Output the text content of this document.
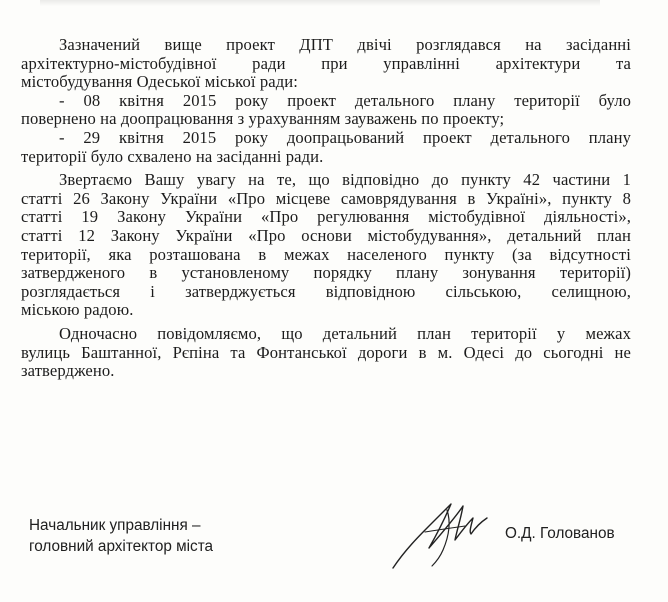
Зазначений вище проект ДПТ двічі розглядався на засіданні
архітектурно-містобудівної ради при управлінні архітектури та
містобудування Одеської міської ради:
- 08 квітня 2015 року проект детального плану території було
повернено на доопрацювання з урахуванням зауважень по проекту;
- 29 квітня 2015 року доопрацьований проект детального плану
території було схвалено на засіданні ради.
Звертаємо Вашу увагу на те, що відповідно до пункту 42 частини 1
статті 26 Закону України «Про місцеве самоврядування в Україні», пункту 8
статті 19 Закону України «Про регулювання містобудівної діяльності»,
статті 12 Закону України «Про основи містобудування», детальний план
території, яка розташована в межах населеного пункту (за відсутності
затвердженого в установленому порядку плану зонування території)
розглядається і затверджується відповідною сільською, селищною,
міською радою.
Одночасно повідомляємо, що детальний план території у межах
вулиць Баштанної, Рєпіна та Фонтанської дороги в м. Одесі до сьогодні не
затверджено.
Начальник управління –
головний архітектор міста
О.Д. Голованов
